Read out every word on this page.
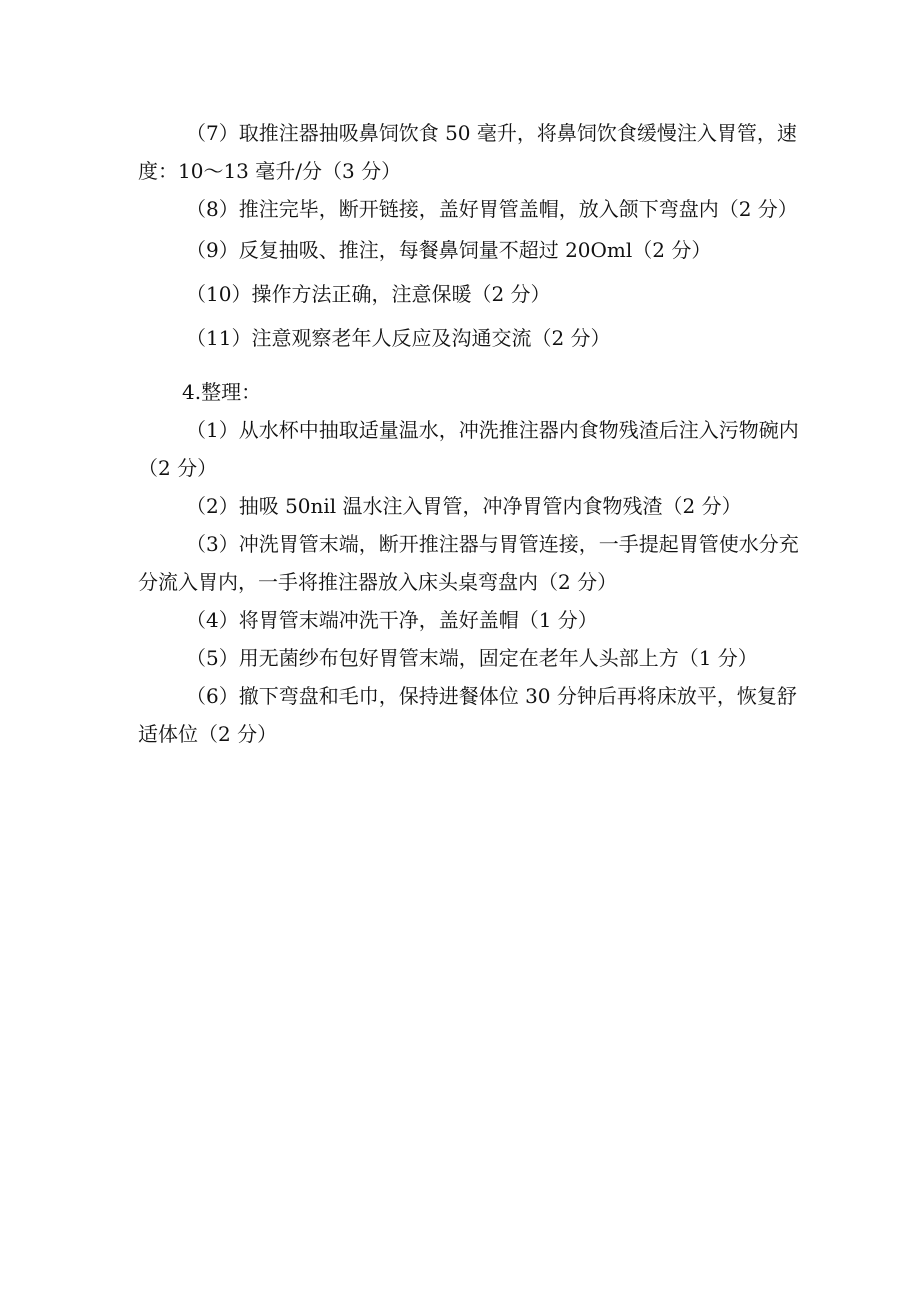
（7）取推注器抽吸鼻饲饮食 50 毫升，将鼻饲饮食缓慢注入胃管，速度：10～13 毫升/分（3 分）

（8）推注完毕，断开链接，盖好胃管盖帽，放入颌下弯盘内（2 分）

（9）反复抽吸、推注，每餐鼻饲量不超过 20Oml（2 分）

（10）操作方法正确，注意保暖（2 分）

（11）注意观察老年人反应及沟通交流（2 分）

4.整理：

（1）从水杯中抽取适量温水，冲洗推注器内食物残渣后注入污物碗内（2 分）

（2）抽吸 50nil 温水注入胃管，冲净胃管内食物残渣（2 分）

（3）冲洗胃管末端，断开推注器与胃管连接，一手提起胃管使水分充分流入胃内，一手将推注器放入床头桌弯盘内（2 分）

（4）将胃管末端冲洗干净，盖好盖帽（1 分）

（5）用无菌纱布包好胃管末端，固定在老年人头部上方（1 分）

（6）撤下弯盘和毛巾，保持进餐体位 30 分钟后再将床放平，恢复舒适体位（2 分）
